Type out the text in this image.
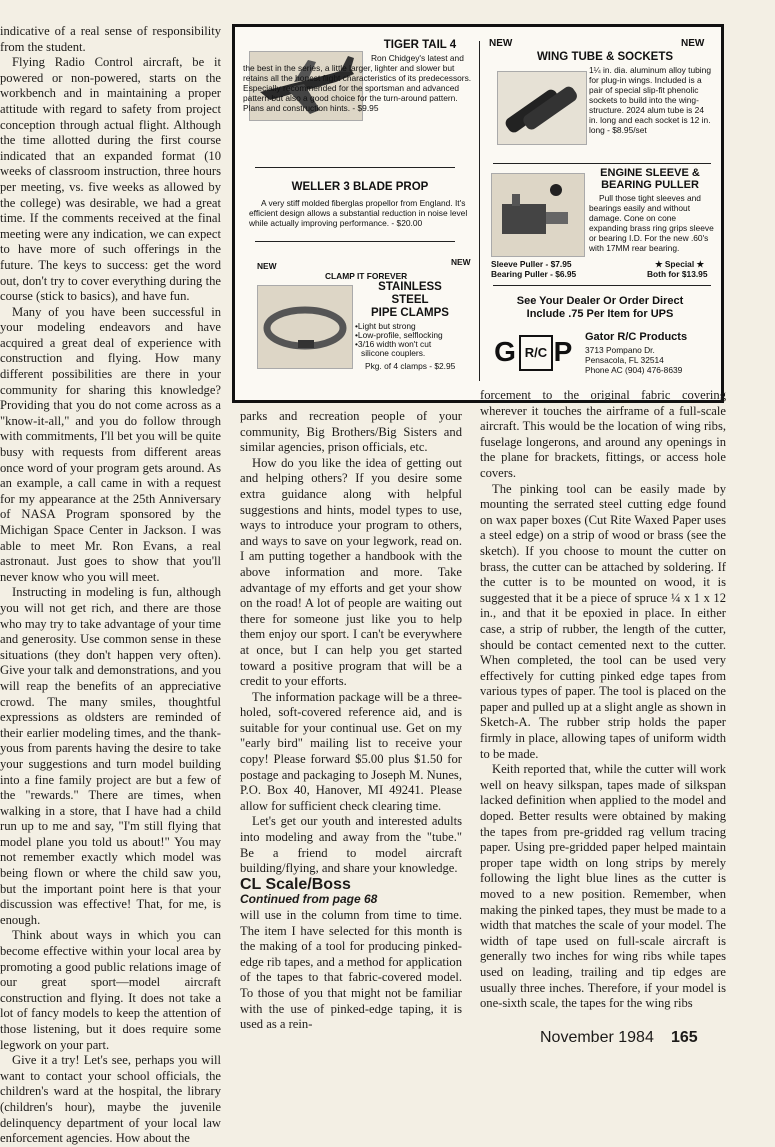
indicative of a real sense of responsibility from the student.

Flying Radio Control aircraft, be it powered or non-powered, starts on the workbench and in maintaining a proper attitude with regard to safety from project conception through actual flight. Although the time allotted during the first course indicated that an expanded format (10 weeks of classroom instruction, three hours per meeting, vs. five weeks as allowed by the college) was desirable, we had a great time. If the comments received at the final meeting were any indication, we can expect to have more of such offerings in the future. The keys to success: get the word out, don't try to cover everything during the course (stick to basics), and have fun.

Many of you have been successful in your modeling endeavors and have acquired a great deal of experience with construction and flying. How many different possibilities are there in your community for sharing this knowledge? Providing that you do not come across as a "know-it-all," and you do follow through with commitments, I'll bet you will be quite busy with requests from different areas once word of your program gets around. As an example, a call came in with a request for my appearance at the 25th Anniversary of NASA Program sponsored by the Michigan Space Center in Jackson. I was able to meet Mr. Ron Evans, a real astronaut. Just goes to show that you'll never know who you will meet.

Instructing in modeling is fun, although you will not get rich, and there are those who may try to take advantage of your time and generosity. Use common sense in these situations (they don't happen very often). Give your talk and demonstrations, and you will reap the benefits of an appreciative crowd. The many smiles, thoughtful expressions as oldsters are reminded of their earlier modeling times, and the thank-yous from parents having the desire to take your suggestions and turn model building into a fine family project are but a few of the "rewards." There are times, when walking in a store, that I have had a child run up to me and say, "I'm still flying that model plane you told us about!" You may not remember exactly which model was being flown or where the child saw you, but the important point here is that your discussion was effective! That, for me, is enough.

Think about ways in which you can become effective within your local area by promoting a good public relations image of our great sport—model aircraft construction and flying. It does not take a lot of fancy models to keep the attention of those listening, but it does require some legwork on your part.

Give it a try! Let's see, perhaps you will want to contact your school officials, the children's ward at the hospital, the library (children's hour), maybe the juvenile delinquency department of your local law enforcement agencies. How about the

TIGER TAIL 4
Ron Chidgey's latest and the best in the series, a little larger, lighter and slower but retains all the honest flight characteristics of its predecessors. Especially recommended for the sportsman and advanced pattern but also a good choice for the turn-around pattern. Plans and construction hints. - $9.95
WELLER 3 BLADE PROP
A very stiff molded fiberglas propellor from England. It's efficient design allows a substantial reduction in noise level while actually improving performance. - $20.00
NEW	NEW
CLAMP IT FOREVER
STAINLESS
STEEL
PIPE CLAMPS
•Light but strong
•Low-profile, selflocking
•3/16 width won't cut
silicone couplers.
Pkg. of 4 clamps - $2.95
NEW	NEW
WING TUBE & SOCKETS
1¼ in. dia. aluminum alloy tubing for plug-in wings. Included is a pair of special slip-fit phenolic sockets to build into the wing-structure. 2024 alum tube is 24 in. long and each socket is 12 in. long - $8.95/set
ENGINE SLEEVE &
BEARING PULLER
Pull those tight sleeves and bearings easily and without damage. Cone on cone expanding brass ring grips sleeve or bearing I.D. For the new .60's with 17MM rear bearing.
Sleeve Puller - $7.95
Bearing Puller - $6.95
★ Special ★
Both for $13.95
See Your Dealer Or Order Direct
Include .75 Per Item for UPS
G R/C P Gator R/C Products
3713 Pompano Dr.
Pensacola, FL 32514
Phone AC (904) 476-8639

parks and recreation people of your community, Big Brothers/Big Sisters and similar agencies, prison officials, etc.

How do you like the idea of getting out and helping others? If you desire some extra guidance along with helpful suggestions and hints, model types to use, ways to introduce your program to others, and ways to save on your legwork, read on. I am putting together a handbook with the above information and more. Take advantage of my efforts and get your show on the road! A lot of people are waiting out there for someone just like you to help them enjoy our sport. I can't be everywhere at once, but I can help you get started toward a positive program that will be a credit to your efforts.

The information package will be a three-holed, soft-covered reference aid, and is suitable for your continual use. Get on my "early bird" mailing list to receive your copy! Please forward $5.00 plus $1.50 for postage and packaging to Joseph M. Nunes, P.O. Box 40, Hanover, MI 49241. Please allow for sufficient check clearing time.

Let's get our youth and interested adults into modeling and away from the "tube." Be a friend to model aircraft building/flying, and share your knowledge.

CL Scale/Boss

Continued from page 68

will use in the column from time to time. The item I have selected for this month is the making of a tool for producing pinked-edge rib tapes, and a method for application of the tapes to that fabric-covered model. To those of you that might not be familiar with the use of pinked-edge taping, it is used as a rein-

forcement to the original fabric covering wherever it touches the airframe of a full-scale aircraft. This would be the location of wing ribs, fuselage longerons, and around any openings in the plane for brackets, fittings, or access hole covers.

The pinking tool can be easily made by mounting the serrated steel cutting edge found on wax paper boxes (Cut Rite Waxed Paper uses a steel edge) on a strip of wood or brass (see the sketch). If you choose to mount the cutter on brass, the cutter can be attached by soldering. If the cutter is to be mounted on wood, it is suggested that it be a piece of spruce ¼ x 1 x 12 in., and that it be epoxied in place. In either case, a strip of rubber, the length of the cutter, should be contact cemented next to the cutter. When completed, the tool can be used very effectively for cutting pinked edge tapes from various types of paper. The tool is placed on the paper and pulled up at a slight angle as shown in Sketch-A. The rubber strip holds the paper firmly in place, allowing tapes of uniform width to be made.

Keith reported that, while the cutter will work well on heavy silkspan, tapes made of silkspan lacked definition when applied to the model and doped. Better results were obtained by making the tapes from pre-gridded rag vellum tracing paper. Using pre-gridded paper helped maintain proper tape width on long strips by merely following the light blue lines as the cutter is moved to a new position. Remember, when making the pinked tapes, they must be made to a width that matches the scale of your model. The width of tape used on full-scale aircraft is generally two inches for wing ribs while tapes used on leading, trailing and tip edges are usually three inches. Therefore, if your model is one-sixth scale, the tapes for the wing ribs

November 1984 165
